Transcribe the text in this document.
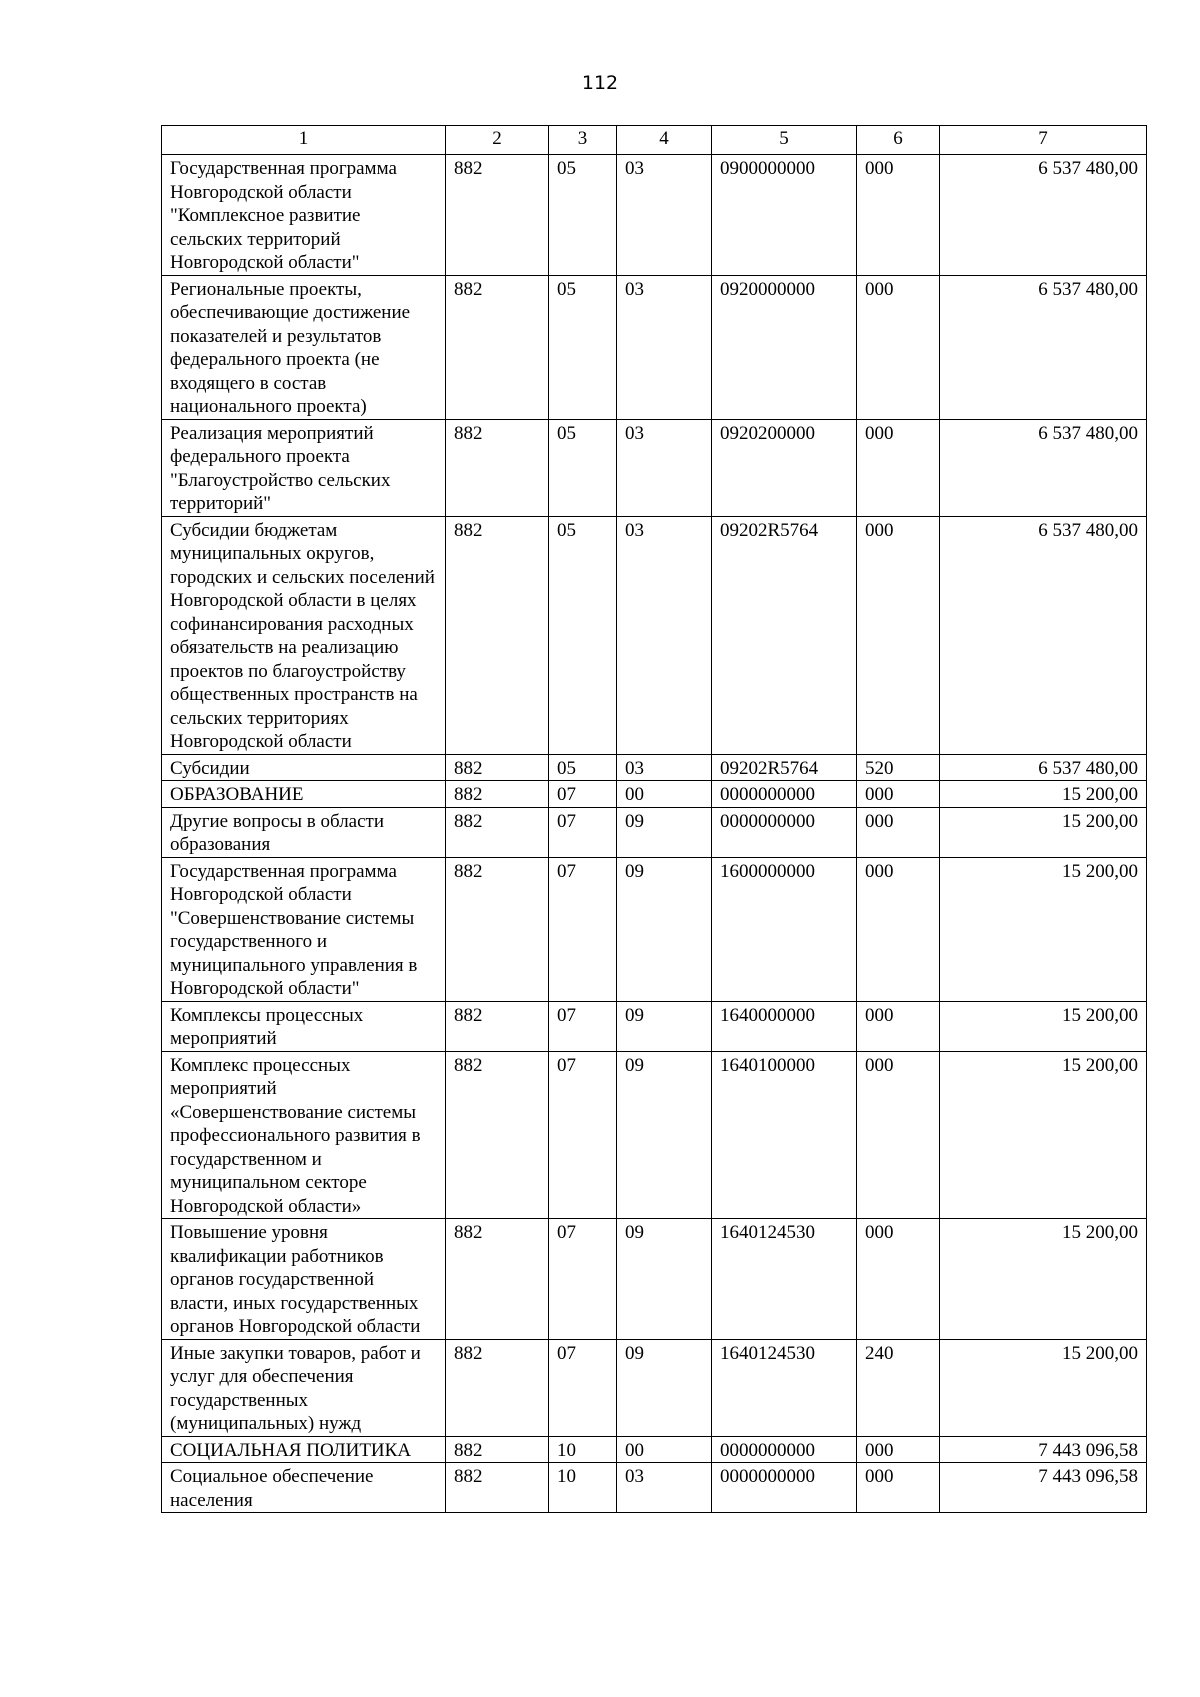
112
1	2	3	4	5	6	7
Государственная программа Новгородской области "Комплексное развитие сельских территорий Новгородской области"	882	05	03	0900000000	000	6 537 480,00
Региональные проекты, обеспечивающие достижение показателей и результатов федерального проекта (не входящего в состав национального проекта)	882	05	03	0920000000	000	6 537 480,00
Реализация мероприятий федерального проекта "Благоустройство сельских территорий"	882	05	03	0920200000	000	6 537 480,00
Субсидии бюджетам муниципальных округов, городских и сельских поселений Новгородской области в целях софинансирования расходных обязательств на реализацию проектов по благоустройству общественных пространств на сельских территориях Новгородской области	882	05	03	09202R5764	000	6 537 480,00
Субсидии	882	05	03	09202R5764	520	6 537 480,00
ОБРАЗОВАНИЕ	882	07	00	0000000000	000	15 200,00
Другие вопросы в области образования	882	07	09	0000000000	000	15 200,00
Государственная программа Новгородской области "Совершенствование системы государственного и муниципального управления в Новгородской области"	882	07	09	1600000000	000	15 200,00
Комплексы процессных мероприятий	882	07	09	1640000000	000	15 200,00
Комплекс процессных мероприятий «Совершенствование системы профессионального развития в государственном и муниципальном секторе Новгородской области»	882	07	09	1640100000	000	15 200,00
Повышение уровня квалификации работников органов государственной власти, иных государственных органов Новгородской области	882	07	09	1640124530	000	15 200,00
Иные закупки товаров, работ и услуг для обеспечения государственных (муниципальных) нужд	882	07	09	1640124530	240	15 200,00
СОЦИАЛЬНАЯ ПОЛИТИКА	882	10	00	0000000000	000	7 443 096,58
Социальное обеспечение населения	882	10	03	0000000000	000	7 443 096,58
